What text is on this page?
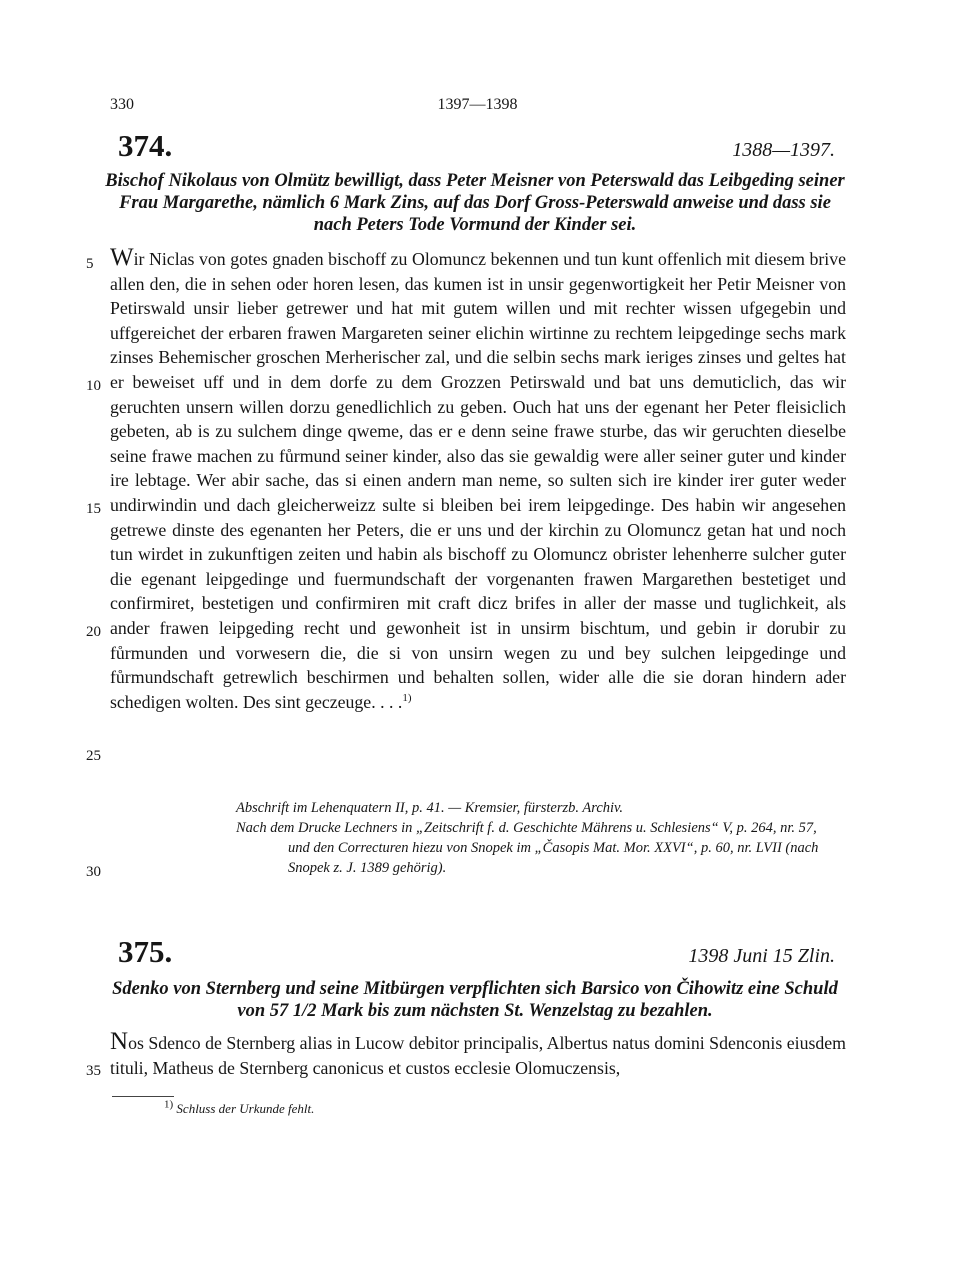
330	1397—1398
374.	1388—1397.
Bischof Nikolaus von Olmütz bewilligt, dass Peter Meisner von Peterswald das Leibgeding seiner Frau Margarethe, nämlich 6 Mark Zins, auf das Dorf Gross-Peterswald anweise und dass sie nach Peters Tode Vormund der Kinder sei.

Wir Niclas von gotes gnaden bischoff zu Olomuncz bekennen und tun kunt offenlich mit diesem brive allen den, die in sehen oder horen lesen, das kumen ist in unsir gegenwortigkeit her Petir Meisner von Petirswald unsir lieber getrewer und hat mit gutem willen und mit rechter wissen ufgegebin und uffgereichet der erbaren frawen Margareten seiner elichin wirtinne zu rechtem leipgedinge sechs mark zinses Behemischer groschen Merherischer zal, und die selbin sechs mark ieriges zinses und geltes hat er beweiset uff und in dem dorfe zu dem Grozzen Petirswald und bat uns demuticlich, das wir geruchten unsern willen dorzu genedlichlich zu geben. Ouch hat uns der egenant her Peter fleisiclich gebeten, ab is zu sulchem dinge qweme, das er e denn seine frawe sturbe, das wir geruchten dieselbe seine frawe machen zu fůrmund seiner kinder, also das sie gewaldig were aller seiner guter und kinder ire lebtage. Wer abir sache, das si einen andern man neme, so sulten sich ire kinder irer guter weder undirwindin und dach gleicherweizz sulte si bleiben bei irem leipgedinge. Des habin wir angesehen getrewe dinste des egenanten her Peters, die er uns und der kirchin zu Olomuncz getan hat und noch tun wirdet in zukunftigen zeiten und habin als bischoff zu Olomuncz obrister lehenherre sulcher guter die egenant leipgedinge und fuermundschaft der vorgenanten frawen Margarethen bestetiget und confirmiret, bestetigen und confirmiren mit craft dicz brifes in aller der masse und tuglichkeit, als ander frawen leipgeding recht und gewonheit ist in unsirm bischtum, und gebin ir dorubir zu fůrmunden und vorwesern die, die si von unsirn wegen zu und bey sulchen leipgedinge und fůrmundschaft getrewlich beschirmen und behalten sollen, wider alle die sie doran hindern ader schedigen wolten. Des sint geczeuge. . . .$^{1)}$

Abschrift im Lehenquatern II, p. 41. — Kremsier, fürsterzb. Archiv.

Nach dem Drucke Lechners in „Zeitschrift f. d. Geschichte Mährens u. Schlesiens“ V, p. 264, nr. 57, und den Correcturen hiezu von Snopek im „Časopis Mat. Mor. XXVI“, p. 60, nr. LVII (nach Snopek z. J. 1389 gehörig).

375.	1398 Juni 15 Zlin.
Sdenko von Sternberg und seine Mitbürgen verpflichten sich Barsico von Čihowitz eine Schuld von 57 1/2 Mark bis zum nächsten St. Wenzelstag zu bezahlen.

Nos Sdenco de Sternberg alias in Lucow debitor principalis, Albertus natus domini Sdenconis eiusdem tituli, Matheus de Sternberg canonicus et custos ecclesie Olomuczensis,

5
10
15
20
25
30
35
$^{1)}$ Schluss der Urkunde fehlt.
